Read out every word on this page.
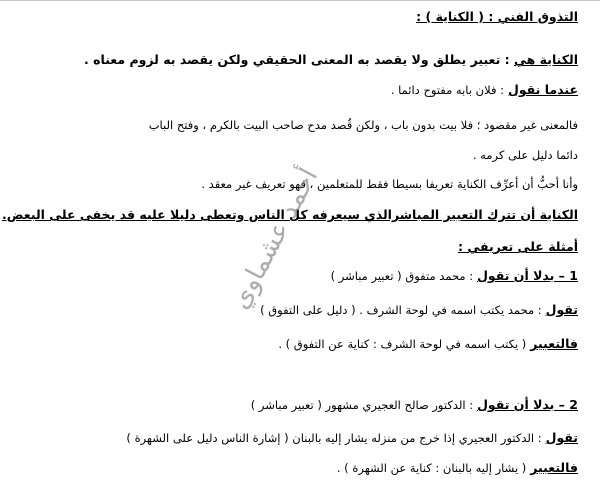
التذوق الفني : ( الكناية ) :
الكناية هي : تعبير يطلق ولا يقصد به المعنى الحقيقي ولكن يقصد به لزوم معناه .
عندما نقول : فلان بابه مفتوح دائما .
فالمعنى غير مقصود ؛ فلا بيت بدون باب ، ولكن قُصد مدح صاحب البيت بالكرم ، وفتح الباب
دائما دليل على كرمه .
وأنا أحبُّ أن أعرِّف الكناية تعريفا بسيطا فقط للمتعلمين ، فهو تعريف غير معقد .
الكناية أن تترك التعبير المباشرالذي سيعرفه كل الناس وتعطى دليلا عليه قد يخفى على البعض.
أمثلة على تعريفي :
1 – بدلا أن تقول : محمد متفوق ( تعبير مباشر )
تقول : محمد يكتب اسمه في لوحة الشرف . ( دليل على التفوق )
فالتعبير ( يكتب اسمه في لوحة الشرف : كناية عن التفوق ) .
2 – بدلا أن تقول : الدكتور صالح العجيري مشهور ( تعبير مباشر )
تقول : الدكتور العجيري إذا خرج من منزله يشار إليه بالبنان ( إشارة الناس دليل على الشهرة )
فالتعبير ( يشار إليه بالبنان : كناية عن الشهرة ) .
أحمد عشماوي
